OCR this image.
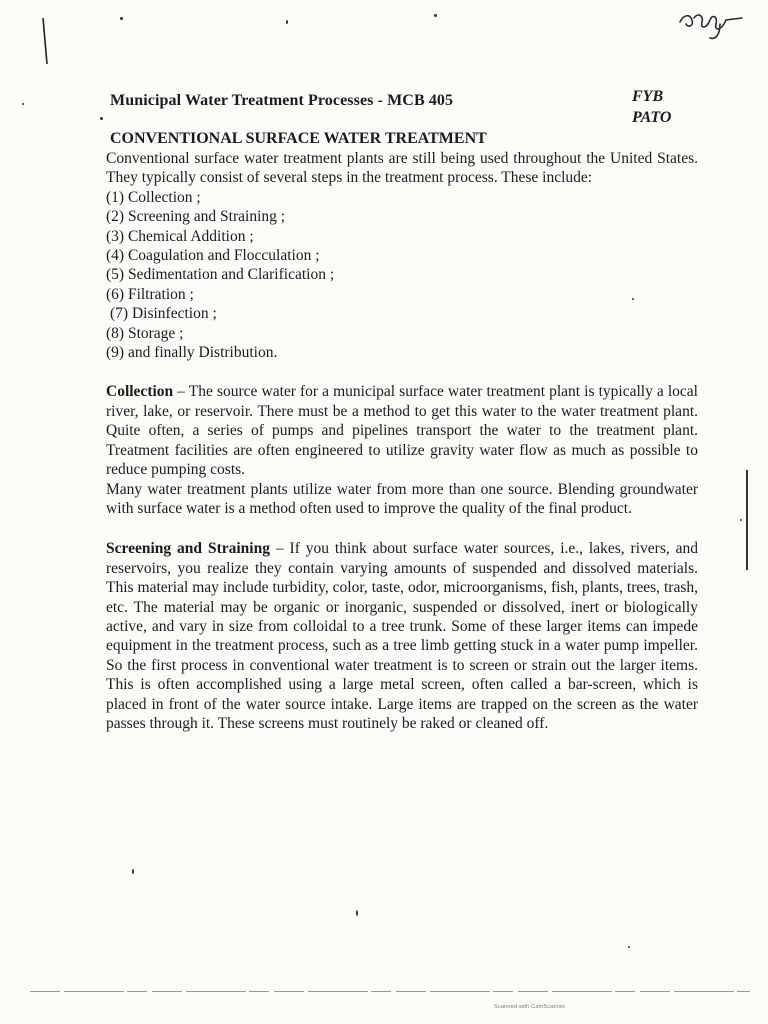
Municipal Water Treatment Processes - MCB 405	FYB
PATO
CONVENTIONAL SURFACE WATER TREATMENT

Conventional surface water treatment plants are still being used throughout the United States. They typically consist of several steps in the treatment process. These include:

(1) Collection ;
(2) Screening and Straining ;
(3) Chemical Addition ;
(4) Coagulation and Flocculation ;
(5) Sedimentation and Clarification ;
(6) Filtration ;
(7) Disinfection ;
(8) Storage ;
(9) and finally Distribution.

Collection – The source water for a municipal surface water treatment plant is typically a local river, lake, or reservoir. There must be a method to get this water to the water treatment plant. Quite often, a series of pumps and pipelines transport the water to the treatment plant. Treatment facilities are often engineered to utilize gravity water flow as much as possible to reduce pumping costs.

Many water treatment plants utilize water from more than one source. Blending groundwater with surface water is a method often used to improve the quality of the final product.

Screening and Straining – If you think about surface water sources, i.e., lakes, rivers, and reservoirs, you realize they contain varying amounts of suspended and dissolved materials. This material may include turbidity, color, taste, odor, microorganisms, fish, plants, trees, trash, etc. The material may be organic or inorganic, suspended or dissolved, inert or biologically active, and vary in size from colloidal to a tree trunk. Some of these larger items can impede equipment in the treatment process, such as a tree limb getting stuck in a water pump impeller. So the first process in conventional water treatment is to screen or strain out the larger items. This is often accomplished using a large metal screen, often called a bar-screen, which is placed in front of the water source intake. Large items are trapped on the screen as the water passes through it. These screens must routinely be raked or cleaned off.

Scanned with CamScanner
